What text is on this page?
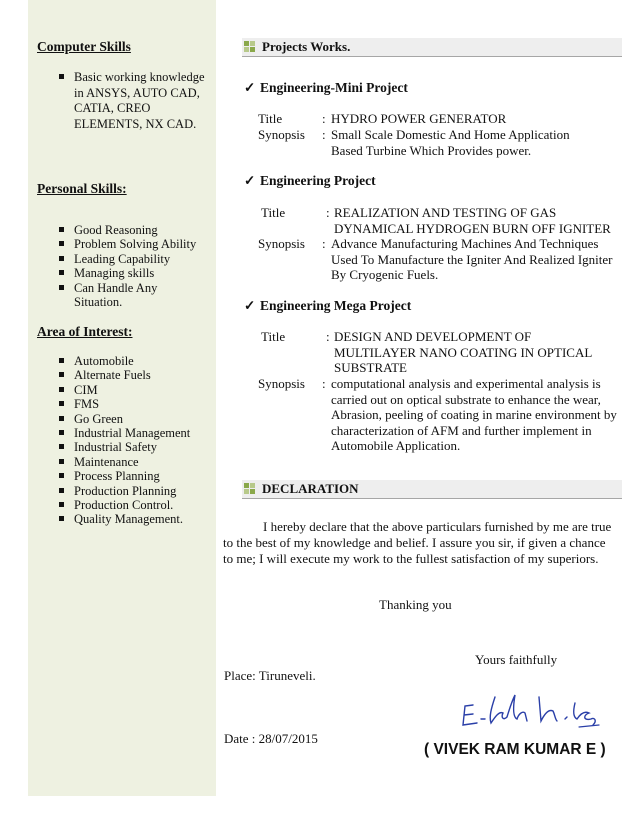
Computer Skills
Basic working knowledge in ANSYS, AUTO CAD, CATIA, CREO ELEMENTS, NX CAD.
Personal Skills:
Good Reasoning
Problem Solving Ability
Leading Capability
Managing skills
Can Handle Any Situation.
Area of Interest:
Automobile
Alternate Fuels
CIM
FMS
Go Green
Industrial Management
Industrial Safety
Maintenance
Process Planning
Production Planning
Production Control.
Quality Management.
Projects Works.
✓ Engineering-Mini Project
Title	: HYDRO POWER GENERATOR
Synopsis : Small Scale Domestic And Home Application Based Turbine Which Provides power.
✓ Engineering Project
Title	: REALIZATION AND TESTING OF GAS DYNAMICAL HYDROGEN BURN OFF IGNITER
Synopsis : Advance Manufacturing Machines And Techniques Used To Manufacture the Igniter And Realized Igniter By Cryogenic Fuels.
✓ Engineering Mega Project
Title	: DESIGN AND DEVELOPMENT OF MULTILAYER NANO COATING IN OPTICAL SUBSTRATE
Synopsis : computational analysis and experimental analysis is carried out on optical substrate to enhance the wear, Abrasion, peeling of coating in marine environment by characterization of AFM and further implement in Automobile Application.
DECLARATION

I hereby declare that the above particulars furnished by me are true to the best of my knowledge and belief. I assure you sir, if given a chance to me; I will execute my work to the fullest satisfaction of my superiors.

Thanking you
Yours faithfully
Place: Tiruneveli.
Date : 28/07/2015
( VIVEK RAM KUMAR E )
